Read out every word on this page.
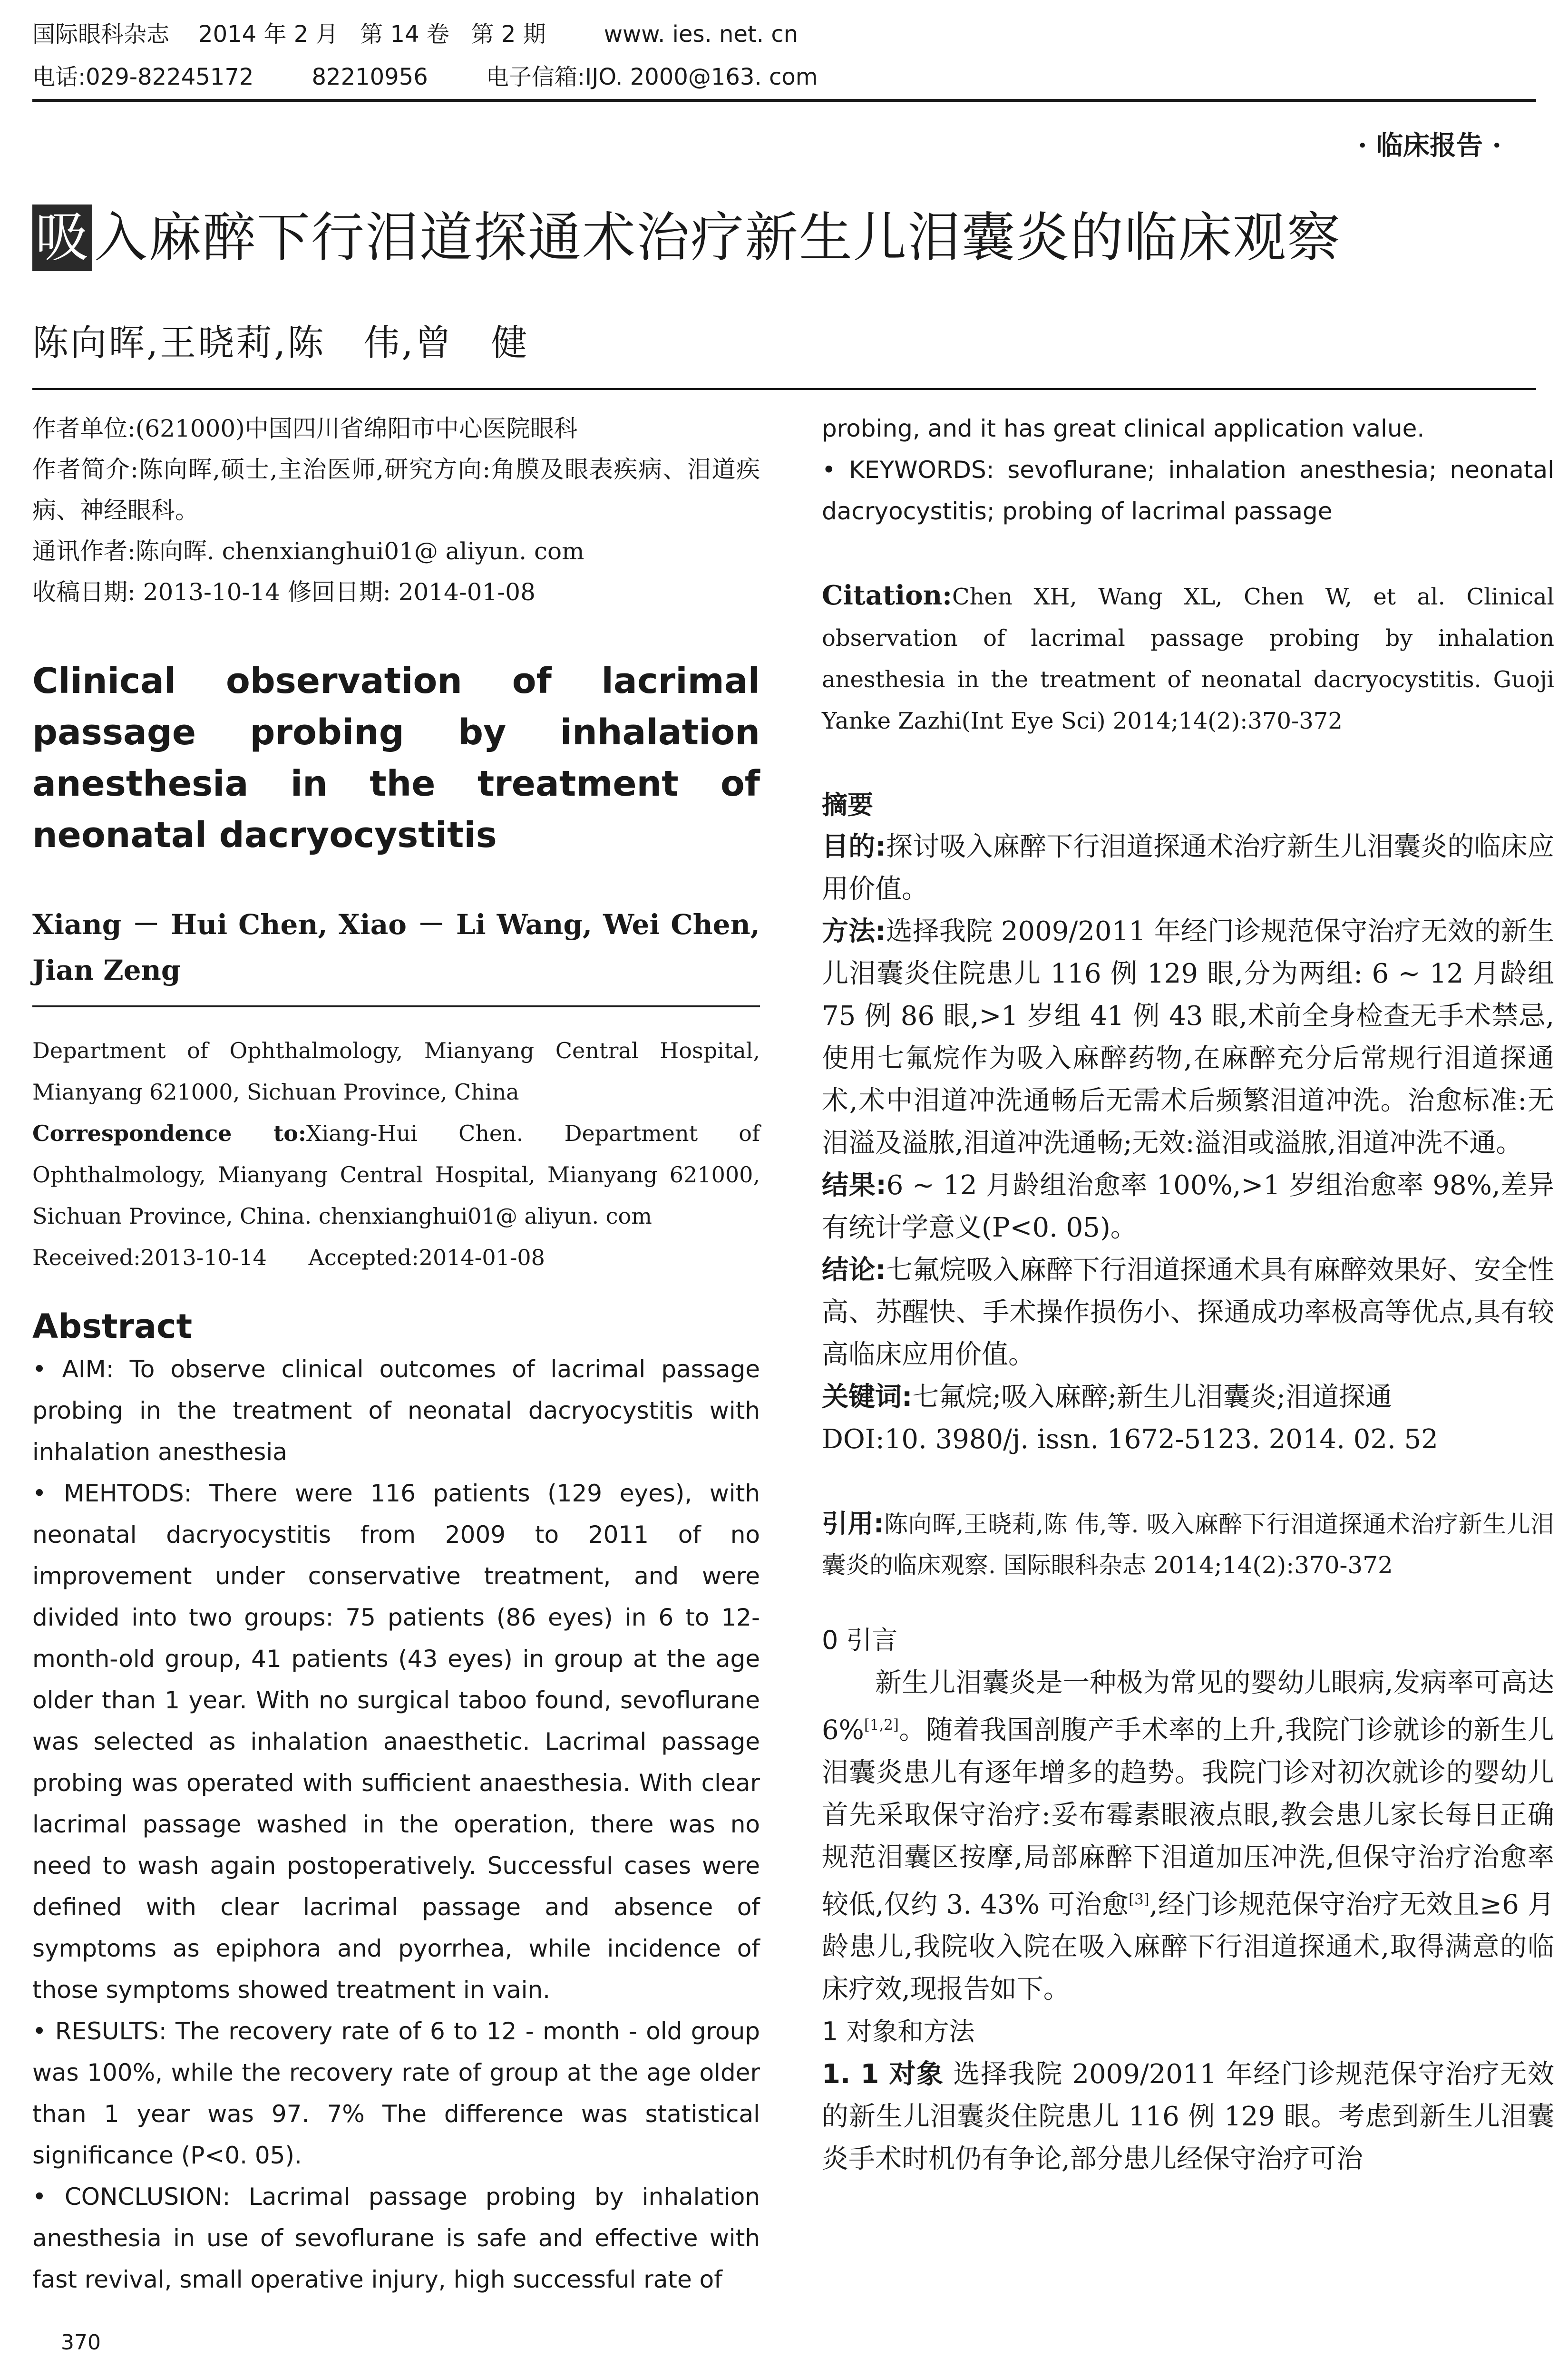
国际眼科杂志    2014 年 2 月   第 14 卷   第 2 期        www. ies. net. cn
电话:029-82245172        82210956        电子信箱:IJO. 2000@163. com
· 临床报告 ·
吸入麻醉下行泪道探通术治疗新生儿泪囊炎的临床观察
陈向晖,王晓莉,陈　伟,曾　健

作者单位:(621000)中国四川省绵阳市中心医院眼科

作者简介:陈向晖,硕士,主治医师,研究方向:角膜及眼表疾病、泪道疾病、神经眼科。

通讯作者:陈向晖. chenxianghui01@ aliyun. com

收稿日期: 2013-10-14 修回日期: 2014-01-08

Clinical observation of lacrimal passage probing by inhalation anesthesia in the treatment of neonatal dacryocystitis
Xiang － Hui Chen, Xiao － Li Wang, Wei Chen, Jian Zeng
Department of Ophthalmology, Mianyang Central Hospital, Mianyang 621000, Sichuan Province, China
Correspondence to:Xiang-Hui Chen. Department of Ophthalmology, Mianyang Central Hospital, Mianyang 621000, Sichuan Province, China. chenxianghui01@ aliyun. com
Received:2013-10-14      Accepted:2014-01-08
Abstract

• AIM: To observe clinical outcomes of lacrimal passage probing in the treatment of neonatal dacryocystitis with inhalation anesthesia

• MEHTODS: There were 116 patients (129 eyes), with neonatal dacryocystitis from 2009 to 2011 of no improvement under conservative treatment, and were divided into two groups: 75 patients (86 eyes) in 6 to 12-month-old group, 41 patients (43 eyes) in group at the age older than 1 year. With no surgical taboo found, sevoflurane was selected as inhalation anaesthetic. Lacrimal passage probing was operated with sufficient anaesthesia. With clear lacrimal passage washed in the operation, there was no need to wash again postoperatively. Successful cases were defined with clear lacrimal passage and absence of symptoms as epiphora and pyorrhea, while incidence of those symptoms showed treatment in vain.

• RESULTS: The recovery rate of 6 to 12 - month - old group was 100%, while the recovery rate of group at the age older than 1 year was 97. 7% The difference was statistical significance (P<0. 05).

• CONCLUSION: Lacrimal passage probing by inhalation anesthesia in use of sevoflurane is safe and effective with fast revival, small operative injury, high successful rate of

370

probing, and it has great clinical application value.

• KEYWORDS: sevoflurane; inhalation anesthesia; neonatal dacryocystitis; probing of lacrimal passage

Citation:Chen XH, Wang XL, Chen W, et al. Clinical observation of lacrimal passage probing by inhalation anesthesia in the treatment of neonatal dacryocystitis. Guoji Yanke Zazhi(Int Eye Sci) 2014;14(2):370-372

摘要

目的:探讨吸入麻醉下行泪道探通术治疗新生儿泪囊炎的临床应用价值。

方法:选择我院 2009/2011 年经门诊规范保守治疗无效的新生儿泪囊炎住院患儿 116 例 129 眼,分为两组: 6 ~ 12 月龄组 75 例 86 眼,>1 岁组 41 例 43 眼,术前全身检查无手术禁忌,使用七氟烷作为吸入麻醉药物,在麻醉充分后常规行泪道探通术,术中泪道冲洗通畅后无需术后频繁泪道冲洗。治愈标准:无泪溢及溢脓,泪道冲洗通畅;无效:溢泪或溢脓,泪道冲洗不通。

结果:6 ~ 12 月龄组治愈率 100%,>1 岁组治愈率 98%,差异有统计学意义(P<0. 05)。

结论:七氟烷吸入麻醉下行泪道探通术具有麻醉效果好、安全性高、苏醒快、手术操作损伤小、探通成功率极高等优点,具有较高临床应用价值。

关键词:七氟烷;吸入麻醉;新生儿泪囊炎;泪道探通

DOI:10. 3980/j. issn. 1672-5123. 2014. 02. 52

引用:陈向晖,王晓莉,陈 伟,等. 吸入麻醉下行泪道探通术治疗新生儿泪囊炎的临床观察. 国际眼科杂志 2014;14(2):370-372

0 引言

新生儿泪囊炎是一种极为常见的婴幼儿眼病,发病率可高达 6%[1,2]。随着我国剖腹产手术率的上升,我院门诊就诊的新生儿泪囊炎患儿有逐年增多的趋势。我院门诊对初次就诊的婴幼儿首先采取保守治疗:妥布霉素眼液点眼,教会患儿家长每日正确规范泪囊区按摩,局部麻醉下泪道加压冲洗,但保守治疗治愈率较低,仅约 3. 43% 可治愈[3],经门诊规范保守治疗无效且≥6 月龄患儿,我院收入院在吸入麻醉下行泪道探通术,取得满意的临床疗效,现报告如下。

1 对象和方法

1. 1 对象 选择我院 2009/2011 年经门诊规范保守治疗无效的新生儿泪囊炎住院患儿 116 例 129 眼。考虑到新生儿泪囊炎手术时机仍有争论,部分患儿经保守治疗可治
